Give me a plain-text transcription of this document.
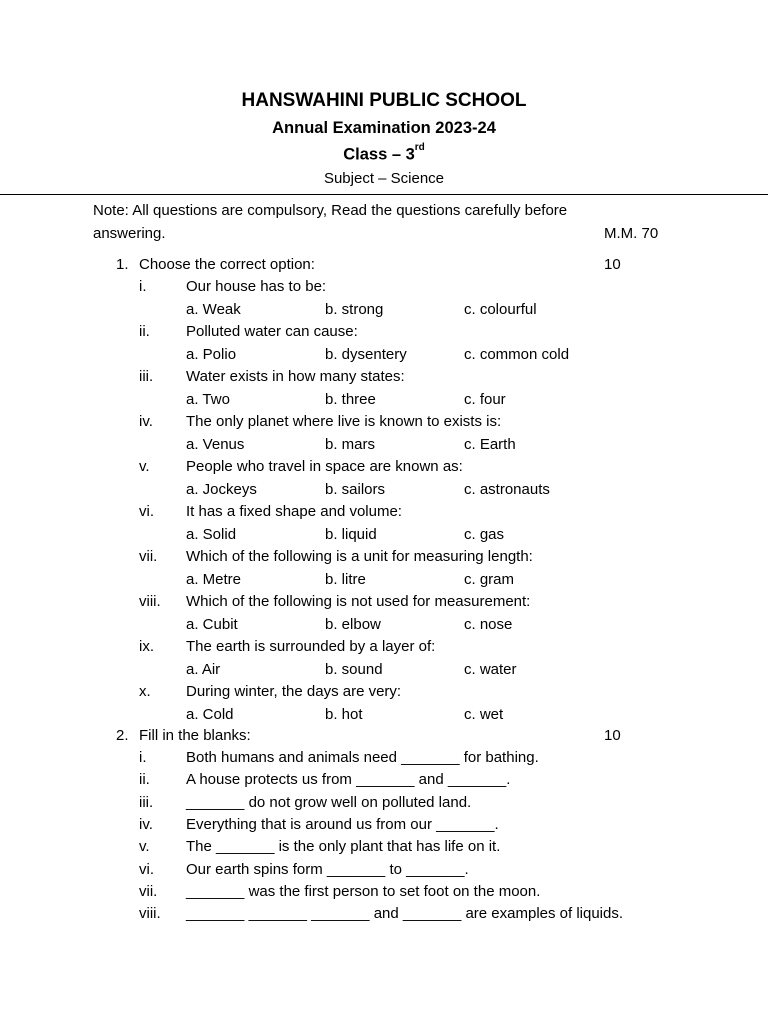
HANSWAHINI PUBLIC SCHOOL
Annual Examination 2023-24
Class – 3rd
Subject – Science
Note: All questions are compulsory, Read the questions carefully before
answering.	M.M. 70
1. Choose the correct option:	10
i.	Our house has to be:
a. Weak	b. strong	c. colourful
ii. Polluted water can cause:
a. Polio	b. dysentery	c. common cold
iii. Water exists in how many states:
a. Two	b. three	c. four
iv. The only planet where live is known to exists is:
a. Venus	b. mars	c. Earth
v. People who travel in space are known as:
a. Jockeys	b. sailors	c. astronauts
vi. It has a fixed shape and volume:
a. Solid	b. liquid	c. gas
vii. Which of the following is a unit for measuring length:
a. Metre	b. litre	c. gram
viii. Which of the following is not used for measurement:
a. Cubit	b. elbow	c. nose
ix. The earth is surrounded by a layer of:
a. Air	b. sound	c. water
x. During winter, the days are very:
a. Cold	b. hot	c. wet
2. Fill in the blanks:	10
i.	Both humans and animals need _______ for bathing.
ii. A house protects us from _______ and _______.
iii. _______ do not grow well on polluted land.
iv. Everything that is around us from our _______.
v. The _______ is the only plant that has life on it.
vi. Our earth spins form _______ to _______.
vii. _______ was the first person to set foot on the moon.
viii. _______ _______ _______ and _______ are examples of liquids.
